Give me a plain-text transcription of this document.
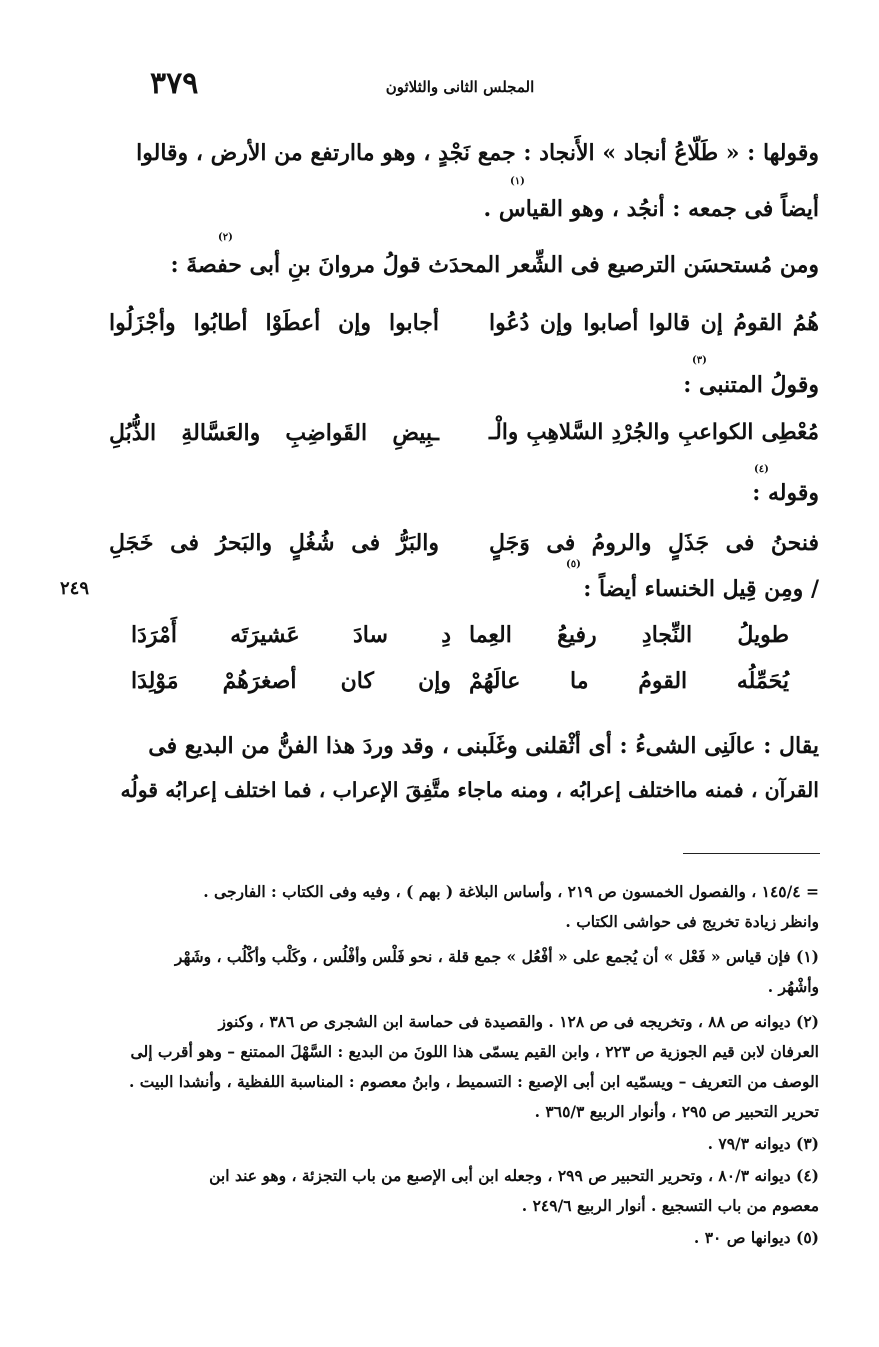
٣٧٩	المجلس الثانى والثلاثون
وقولها : « طَلّاعُ أنجاد » الأَنجاد : جمع نَجْدٍ ، وهو ماارتفع من الأرض ، وقالوا
(١)
أيضاً فى جمعه : أنجُد ، وهو القياس .
(٢)
ومن مُستحسَن الترصيع فى الشِّعر المحدَث قولُ مروانَ بنِ أبى حفصةَ :
هُمُ القومُ إن قالوا أصابوا وإن دُعُوا
أجابوا وإن أعطَوْا أطابُوا وأجْزَلُوا
(٣)
وقولُ المتنبى :
مُعْطِى الكواعبِ والجُرْدِ السَّلاهِبِ والْـ
ـبِيضِ القَواضِبِ والعَسَّالةِ الذُّبُلِ
(٤)
وقوله :
فنحنُ فى جَذَلٍ والرومُ فى وَجَلٍ
والبَرُّ فى شُغُلٍ والبَحرُ فى خَجَلِ
٢٤٩
(٥)
/ ومِن قِيل الخنساء أيضاً :
طويلُ النِّجادِ رفيعُ العِما
دِ سادَ عَشيرَتَه أَمْرَدَا
يُحَمِّلُه القومُ ما عالَهُمْ
وإن كان أصغرَهُمْ مَوْلِدَا
يقال : عالَنِى الشىءُ : أى أثْقلنى وغَلَبنى ، وقد وردَ هذا الفنُّ من البديع فى
القرآن ، فمنه مااختلف إعرابُه ، ومنه ماجاء متَّفِقَ الإعراب ، فما اختلف إعرابُه قولُه
= ١٤٥/٤ ، والفصول الخمسون ص ٢١٩ ، وأساس البلاغة ( بهم ) ، وفيه وفى الكتاب : الفارجى .
وانظر زيادة تخريج فى حواشى الكتاب .
(١) فإن قياس « فَعْل » أن يُجمع على « أفْعُل » جمع قلة ، نحو فَلْس وأفْلُس ، وكَلْب وأكْلُب ، وشَهْر
وأشْهُر .
(٢) ديوانه ص ٨٨ ، وتخريجه فى ص ١٢٨ . والقصيدة فى حماسة ابن الشجرى ص ٣٨٦ ، وكنوز
العرفان لابن قيم الجوزية ص ٢٢٣ ، وابن القيم يسمّى هذا اللونَ من البديع : السَّهْلَ الممتنع – وهو أقرب إلى
الوصف من التعريف – ويسمّيه ابن أبى الإصبع : التسميط ، وابنُ معصوم : المناسبة اللفظية ، وأنشدا البيت .
تحرير التحبير ص ٢٩٥ ، وأنوار الربيع ٣٦٥/٣ .
(٣) ديوانه ٧٩/٣ .
(٤) ديوانه ٨٠/٣ ، وتحرير التحبير ص ٢٩٩ ، وجعله ابن أبى الإصبع من باب التجزئة ، وهو عند ابن
معصوم من باب التسجيع . أنوار الربيع ٢٤٩/٦ .
(٥) ديوانها ص ٣٠ .
